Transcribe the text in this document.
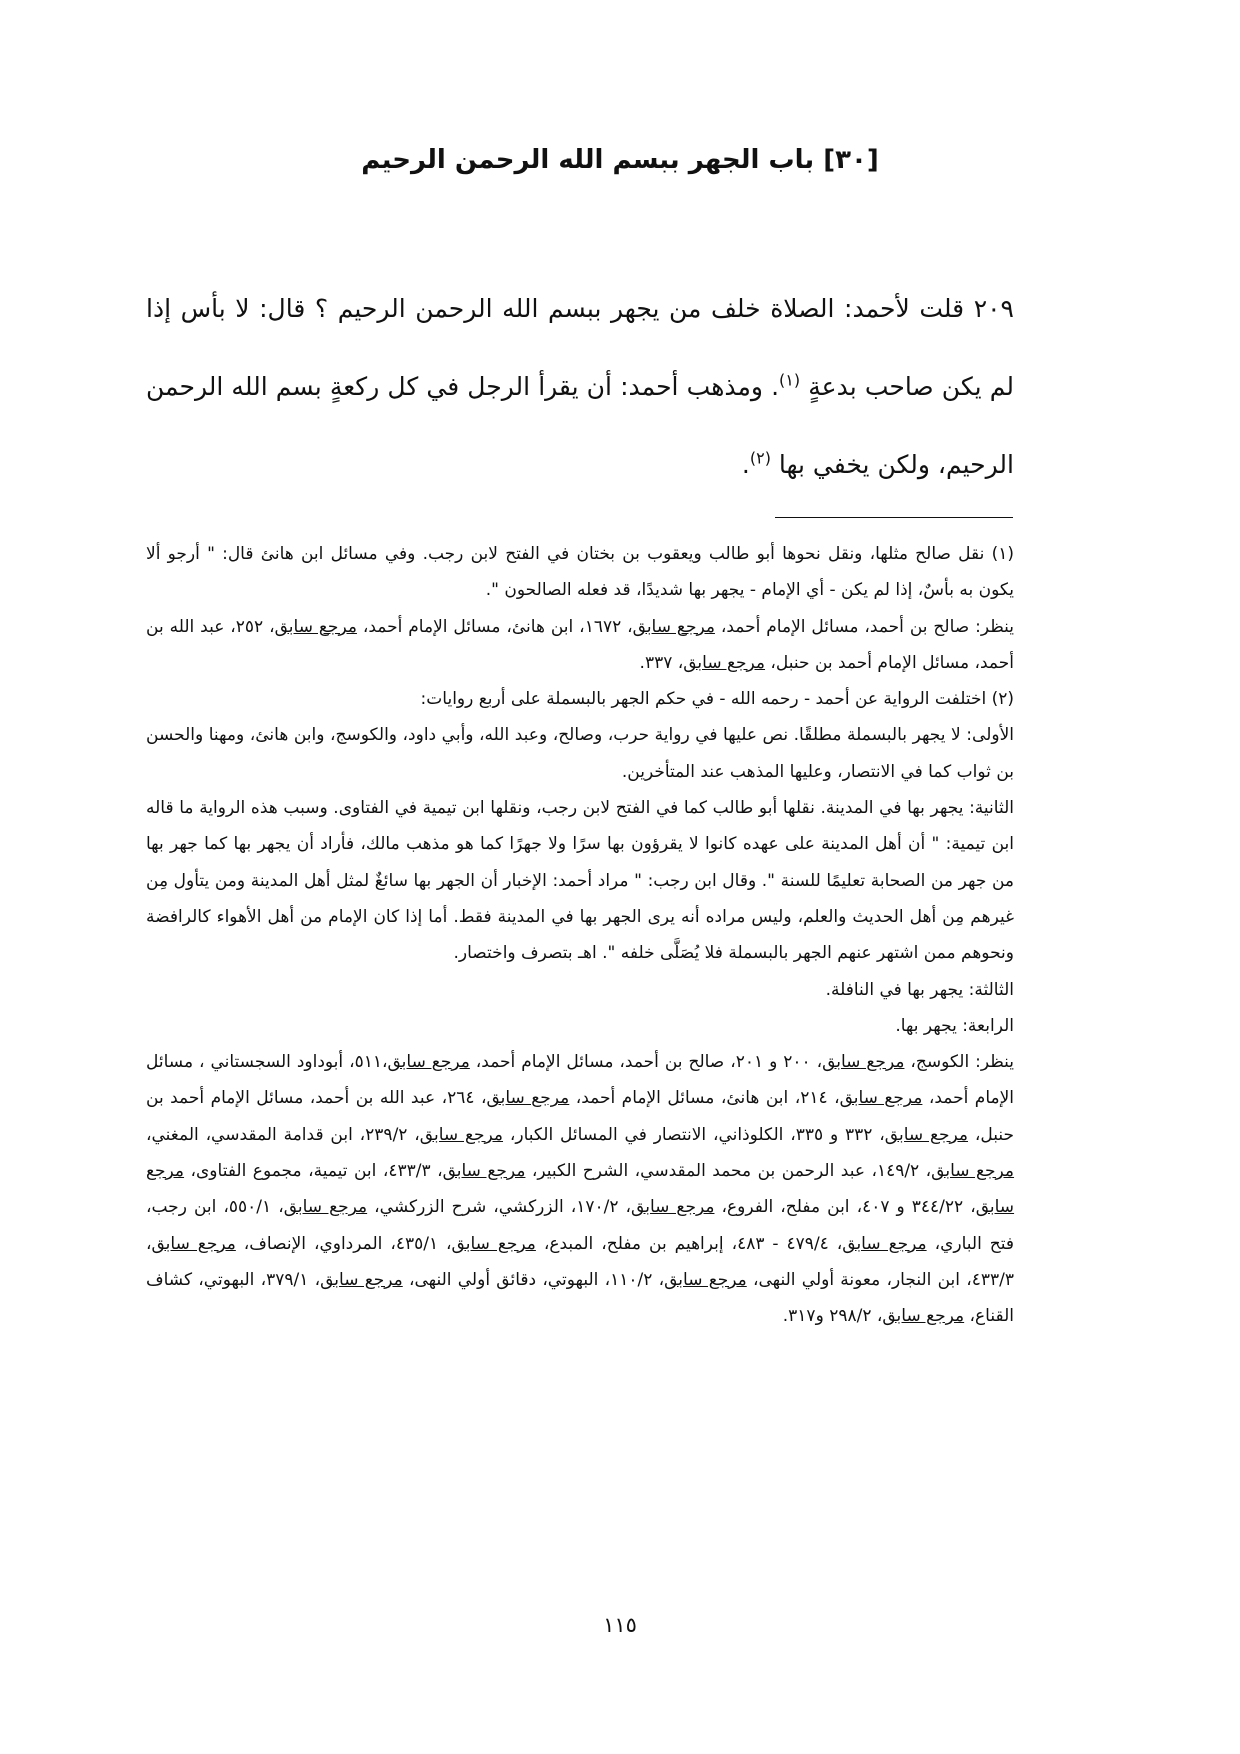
[٣٠] باب الجهر ببسم الله الرحمن الرحيم

٢٠٩ قلت لأحمد: الصلاة خلف من يجهر ببسم الله الرحمن الرحيم ؟ قال: لا بأس إذا لم يكن صاحب بدعةٍ $^{(١)}$. ومذهب أحمد: أن يقرأ الرجل في كل ركعةٍ بسم الله الرحمن الرحيم، ولكن يخفي بها $^{(٢)}$.

(١) نقل صالح مثلها، ونقل نحوها أبو طالب ويعقوب بن بختان في الفتح لابن رجب. وفي مسائل ابن هانئ قال: " أرجو ألا يكون به بأسٌ، إذا لم يكن - أي الإمام - يجهر بها شديدًا، قد فعله الصالحون ".

ينظر: صالح بن أحمد، مسائل الإمام أحمد، مرجع سابق، ١٦٧٢، ابن هانئ، مسائل الإمام أحمد، مرجع سابق، ٢٥٢، عبد الله بن أحمد، مسائل الإمام أحمد بن حنبل، مرجع سابق، ٣٣٧.

(٢) اختلفت الرواية عن أحمد - رحمه الله - في حكم الجهر بالبسملة على أربع روايات:

الأولى: لا يجهر بالبسملة مطلقًا. نص عليها في رواية حرب، وصالح، وعبد الله، وأبي داود، والكوسج، وابن هانئ، ومهنا والحسن بن ثواب كما في الانتصار، وعليها المذهب عند المتأخرين.

الثانية: يجهر بها في المدينة. نقلها أبو طالب كما في الفتح لابن رجب، ونقلها ابن تيمية في الفتاوى. وسبب هذه الرواية ما قاله ابن تيمية: " أن أهل المدينة على عهده كانوا لا يقرؤون بها سرًا ولا جهرًا كما هو مذهب مالك، فأراد أن يجهر بها كما جهر بها من جهر من الصحابة تعليمًا للسنة ". وقال ابن رجب: " مراد أحمد: الإخبار أن الجهر بها سائغٌ لمثل أهل المدينة ومن يتأول مِن غيرهم مِن أهل الحديث والعلم، وليس مراده أنه يرى الجهر بها في المدينة فقط. أما إذا كان الإمام من أهل الأهواء كالرافضة ونحوهم ممن اشتهر عنهم الجهر بالبسملة فلا يُصَلَّى خلفه ". اهـ بتصرف واختصار.

الثالثة: يجهر بها في النافلة.

الرابعة: يجهر بها.

ينظر: الكوسج، مرجع سابق، ٢٠٠ و ٢٠١، صالح بن أحمد، مسائل الإمام أحمد، مرجع سابق،٥١١، أبوداود السجستاني ، مسائل الإمام أحمد، مرجع سابق، ٢١٤، ابن هانئ، مسائل الإمام أحمد، مرجع سابق، ٢٦٤، عبد الله بن أحمد، مسائل الإمام أحمد بن حنبل، مرجع سابق، ٣٣٢ و ٣٣٥، الكلوذاني، الانتصار في المسائل الكبار، مرجع سابق، ٢٣٩/٢، ابن قدامة المقدسي، المغني، مرجع سابق، ١٤٩/٢، عبد الرحمن بن محمد المقدسي، الشرح الكبير، مرجع سابق، ٤٣٣/٣، ابن تيمية، مجموع الفتاوى، مرجع سابق، ٣٤٤/٢٢ و ٤٠٧، ابن مفلح، الفروع، مرجع سابق، ١٧٠/٢، الزركشي، شرح الزركشي، مرجع سابق، ٥٥٠/١، ابن رجب، فتح الباري، مرجع سابق، ٤٧٩/٤ - ٤٨٣، إبراهيم بن مفلح، المبدع، مرجع سابق، ٤٣٥/١، المرداوي، الإنصاف، مرجع سابق، ٤٣٣/٣، ابن النجار، معونة أولي النهى، مرجع سابق، ١١٠/٢، البهوتي، دقائق أولي النهى، مرجع سابق، ٣٧٩/١، البهوتي، كشاف القناع، مرجع سابق، ٢٩٨/٢ و٣١٧.

١١٥
